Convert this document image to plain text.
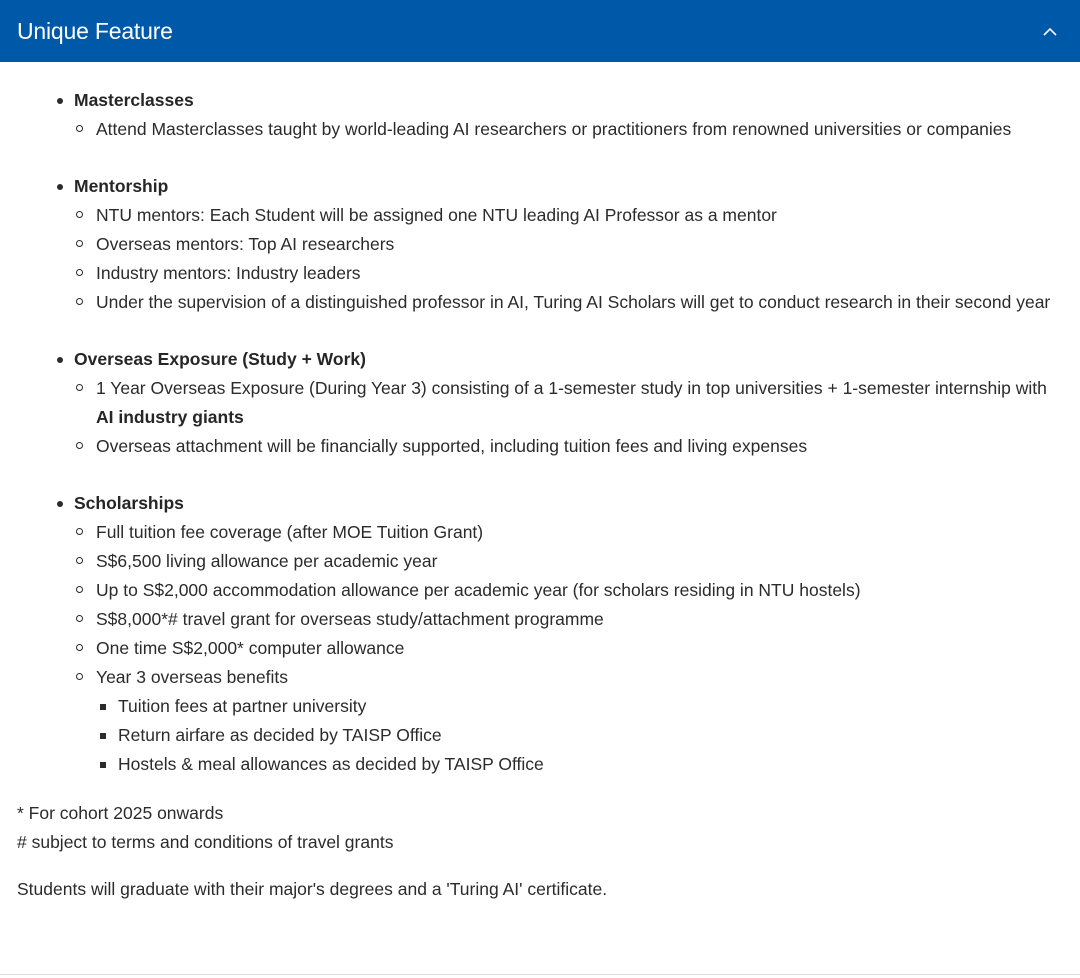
Unique Feature
Masterclasses
Attend Masterclasses taught by world-leading AI researchers or practitioners from renowned universities or companies
Mentorship
NTU mentors: Each Student will be assigned one NTU leading AI Professor as a mentor
Overseas mentors: Top AI researchers
Industry mentors: Industry leaders
Under the supervision of a distinguished professor in AI, Turing AI Scholars will get to conduct research in their second year
Overseas Exposure (Study + Work)
1 Year Overseas Exposure (During Year 3) consisting of a 1-semester study in top universities + 1-semester internship with AI industry giants
Overseas attachment will be financially supported, including tuition fees and living expenses
Scholarships
Full tuition fee coverage (after MOE Tuition Grant)
S$6,500 living allowance per academic year
Up to S$2,000 accommodation allowance per academic year (for scholars residing in NTU hostels)
S$8,000*# travel grant for overseas study/attachment programme
One time S$2,000* computer allowance
Year 3 overseas benefits
Tuition fees at partner university
Return airfare as decided by TAISP Office
Hostels & meal allowances as decided by TAISP Office
* For cohort 2025 onwards
# subject to terms and conditions of travel grants
Students will graduate with their major's degrees and a 'Turing AI' certificate.
